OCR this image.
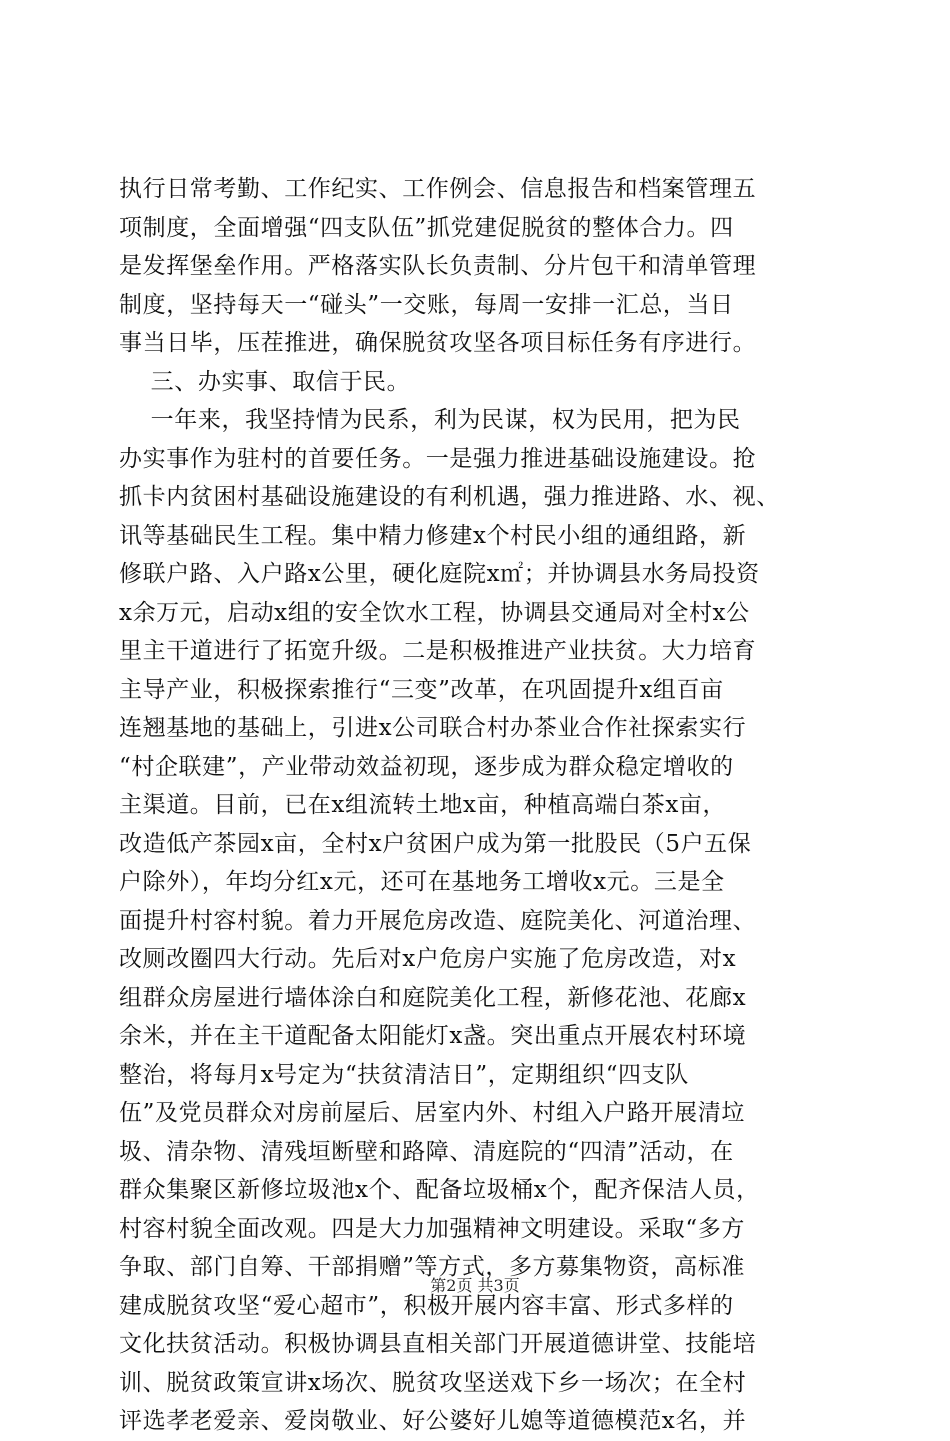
执行日常考勤、工作纪实、工作例会、信息报告和档案管理五
项制度，全面增强“四支队伍”抓党建促脱贫的整体合力。四
是发挥堡垒作用。严格落实队长负责制、分片包干和清单管理
制度，坚持每天一“碰头”一交账，每周一安排一汇总，当日
事当日毕，压茬推进，确保脱贫攻坚各项目标任务有序进行。
三、办实事、取信于民。
一年来，我坚持情为民系，利为民谋，权为民用，把为民
办实事作为驻村的首要任务。一是强力推进基础设施建设。抢
抓卡内贫困村基础设施建设的有利机遇，强力推进路、水、视、
讯等基础民生工程。集中精力修建x个村民小组的通组路，新
修联户路、入户路x公里，硬化庭院x㎡；并协调县水务局投资
x余万元，启动x组的安全饮水工程，协调县交通局对全村x公
里主干道进行了拓宽升级。二是积极推进产业扶贫。大力培育
主导产业，积极探索推行“三变”改革，在巩固提升x组百亩
连翘基地的基础上，引进x公司联合村办茶业合作社探索实行
“村企联建”，产业带动效益初现，逐步成为群众稳定增收的
主渠道。目前，已在x组流转土地x亩，种植高端白茶x亩，
改造低产茶园x亩，全村x户贫困户成为第一批股民（5户五保
户除外），年均分红x元，还可在基地务工增收x元。三是全
面提升村容村貌。着力开展危房改造、庭院美化、河道治理、
改厕改圈四大行动。先后对x户危房户实施了危房改造，对x
组群众房屋进行墙体涂白和庭院美化工程，新修花池、花廊x
余米，并在主干道配备太阳能灯x盏。突出重点开展农村环境
整治，将每月x号定为“扶贫清洁日”，定期组织“四支队
伍”及党员群众对房前屋后、居室内外、村组入户路开展清垃
圾、清杂物、清残垣断壁和路障、清庭院的“四清”活动，在
群众集聚区新修垃圾池x个、配备垃圾桶x个，配齐保洁人员，
村容村貌全面改观。四是大力加强精神文明建设。采取“多方
争取、部门自筹、干部捐赠”等方式，多方募集物资，高标准
建成脱贫攻坚“爱心超市”，积极开展内容丰富、形式多样的
文化扶贫活动。积极协调县直相关部门开展道德讲堂、技能培
训、脱贫政策宣讲x场次、脱贫攻坚送戏下乡一场次；在全村
评选孝老爱亲、爱岗敬业、好公婆好儿媳等道德模范x名，并
第2页 共3页
